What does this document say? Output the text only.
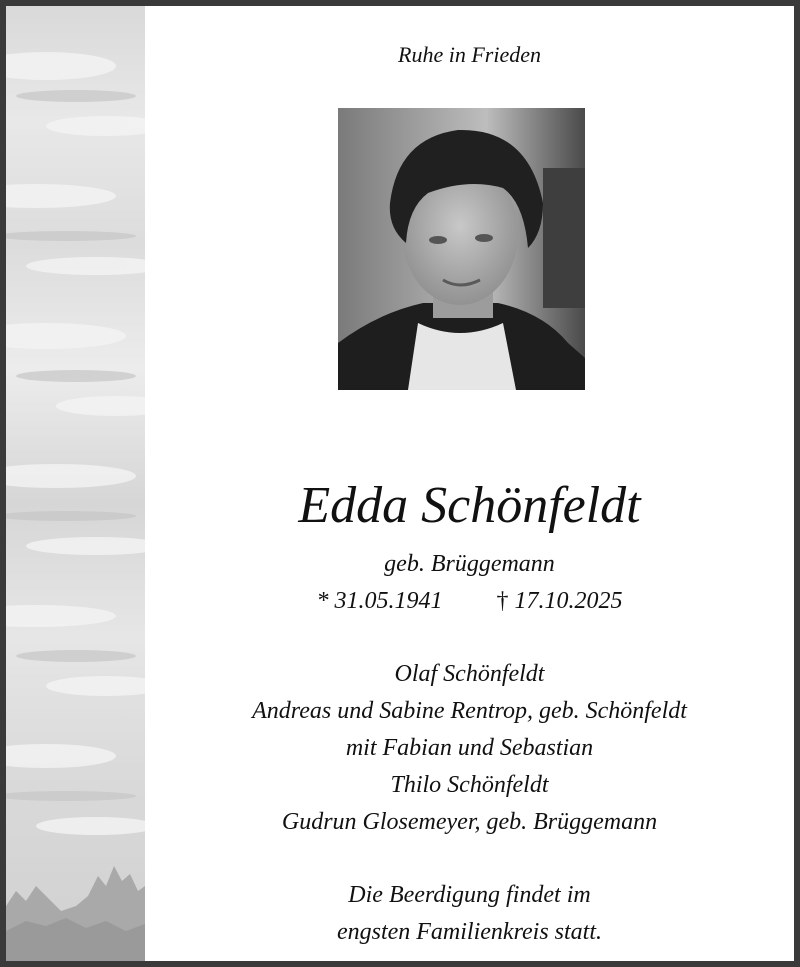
Ruhe in Frieden
Edda Schönfeldt
geb. Brüggemann
* 31.05.1941 † 17.10.2025
Olaf Schönfeldt
Andreas und Sabine Rentrop, geb. Schönfeldt
mit Fabian und Sebastian
Thilo Schönfeldt
Gudrun Glosemeyer, geb. Brüggemann
Die Beerdigung findet im
engsten Familienkreis statt.
